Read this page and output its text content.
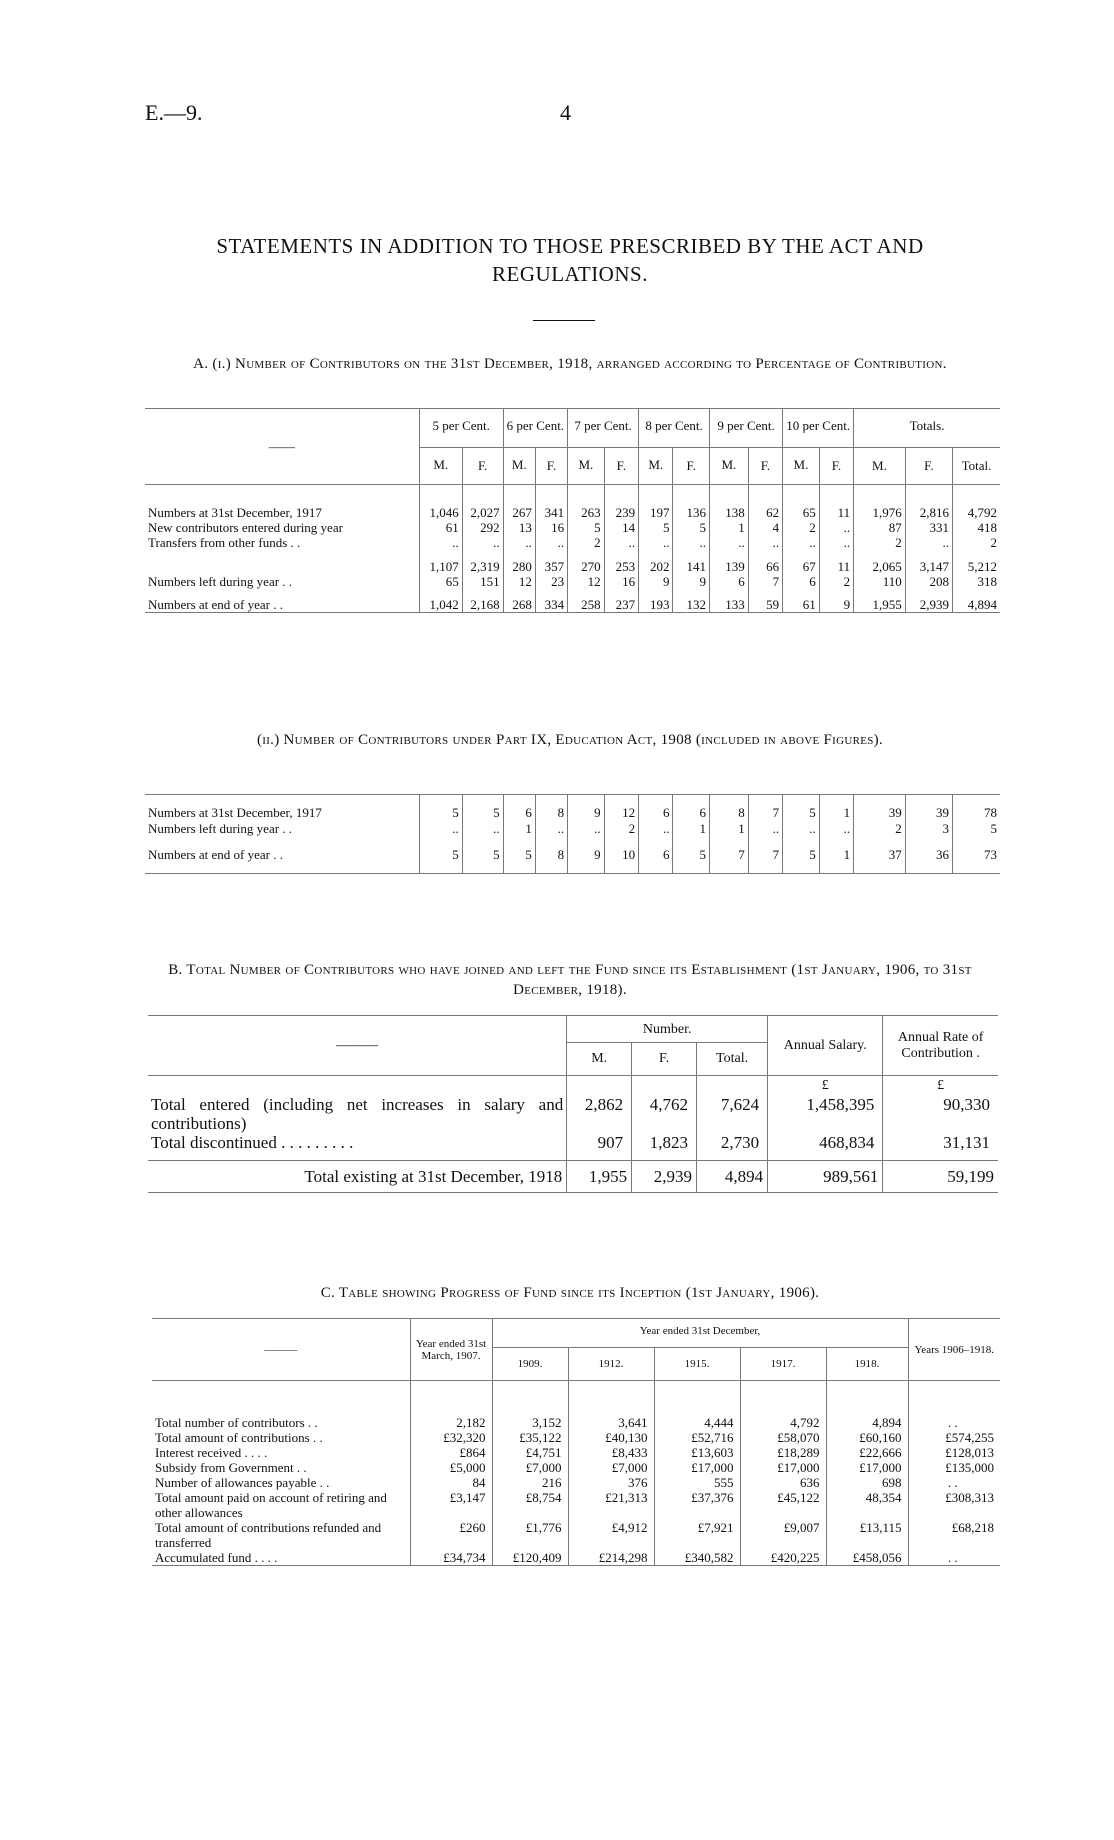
E.—9.	4
STATEMENTS IN ADDITION TO THOSE PRESCRIBED BY THE ACT AND REGULATIONS.
A. (i.) Number of Contributors on the 31st December, 1918, arranged according to Percentage of Contribution.
——	5 per Cent.		6 per Cent.		7 per Cent.		8 per Cent.		9 per Cent.		10 per Cent.		Totals.		
	M.	F.	M.	F.	M.	F.	M.	F.	M.	F.	M.	F.	M.	F.	Total.
Numbers at 31st December, 1917	1,046	2,027	267	341	263	239	197	136	138	62	65	11	1,976	2,816	4,792
New contributors entered during year	61	292	13	16	5	14	5	5	1	4	2	..	87	331	418
Transfers from other funds . .	..	..	..	..	2	..	..	..	..	..	..	..	2	..	2
	1,107	2,319	280	357	270	253	202	141	139	66	67	11	2,065	3,147	5,212
Numbers left during year . .	65	151	12	23	12	16	9	9	6	7	6	2	110	208	318
Numbers at end of year . .	1,042	2,168	268	334	258	237	193	132	133	59	61	9	1,955	2,939	4,894
(ii.) Number of Contributors under Part IX, Education Act, 1908 (included in above Figures).
Numbers at 31st December, 1917	5	5	6	8	9	12	6	6	8	7	5	1	39	39	78
Numbers left during year . .	..	..	1	..	..	2	..	1	1	..	..	..	2	3	5
Numbers at end of year . .	5	5	5	8	9	10	6	5	7	7	5	1	37	36	73
B. Total Number of Contributors who have joined and left the Fund since its Establishment (1st January, 1906, to 31st December, 1918).
———	Number.			Annual Salary.	Annual Rate of Contribution .
	M.	F.	Total.		
				£	£
Total entered (including net increases in salary and contributions)	2,862	4,762	7,624	1,458,395	90,330
Total discontinued . . . . . . . . .	907	1,823	2,730	468,834	31,131
Total existing at 31st December, 1918	1,955	2,939	4,894	989,561	59,199
C. Table showing Progress of Fund since its Inception (1st January, 1906).
———	Year ended 31st March, 1907.	Year ended 31st December,					Years 1906–1918.
		1909.	1912.	1915.	1917.	1918.	
Total number of contributors . .	2,182	3,152	3,641	4,444	4,792	4,894	. .
Total amount of contributions . .	£32,320	£35,122	£40,130	£52,716	£58,070	£60,160	£574,255
Interest received . . . .	£864	£4,751	£8,433	£13,603	£18,289	£22,666	£128,013
Subsidy from Government . .	£5,000	£7,000	£7,000	£17,000	£17,000	£17,000	£135,000
Number of allowances payable . .	84	216	376	555	636	698	. .
Total amount paid on account of retiring and other allowances	£3,147	£8,754	£21,313	£37,376	£45,122	48,354	£308,313
Total amount of contributions refunded and transferred	£260	£1,776	£4,912	£7,921	£9,007	£13,115	£68,218
Accumulated fund . . . .	£34,734	£120,409	£214,298	£340,582	£420,225	£458,056	. .
